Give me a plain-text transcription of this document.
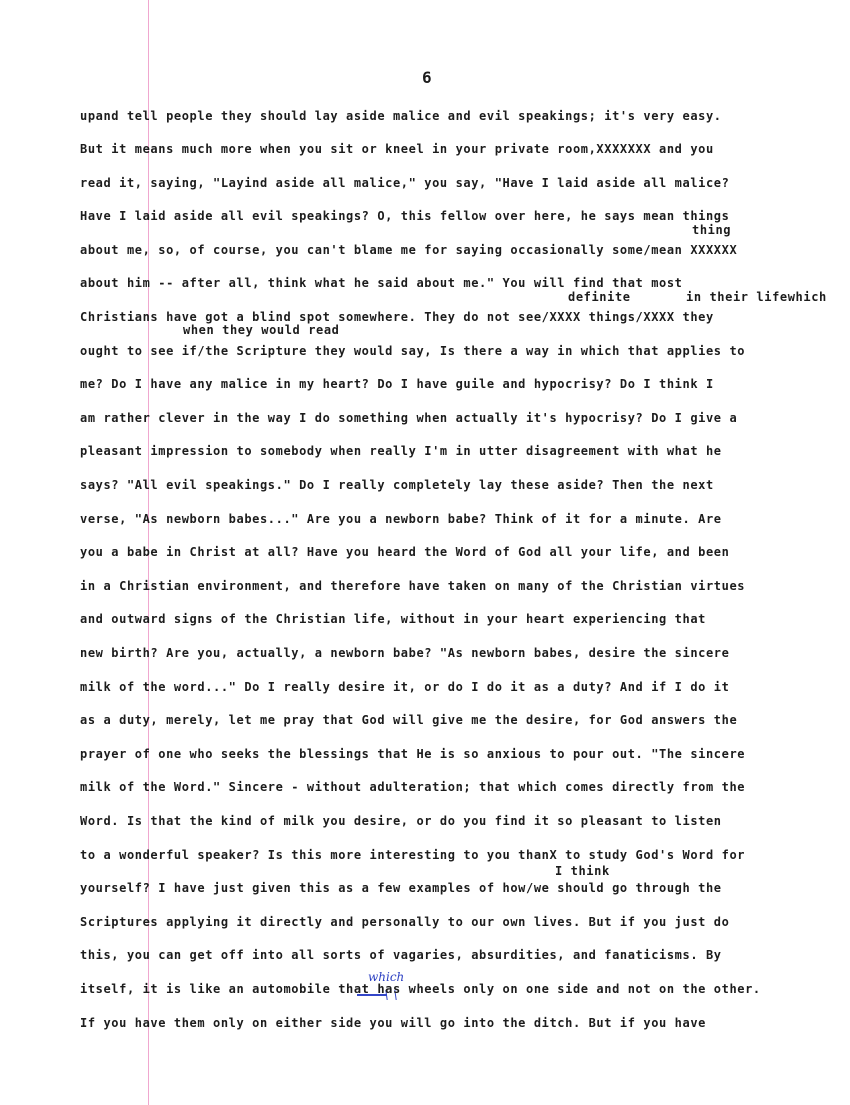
6
thing
definite	in their lifewhich
when they would read
I think
which
upand tell people they should lay aside malice and evil speakings; it's very easy.
But it means much more when you sit or kneel in your private room,XXXXXXX and you
read it, saying, "Layind aside all malice," you say, "Have I laid aside all malice?
Have I laid aside all evil speakings? O, this fellow over here, he says mean things
about me, so, of course, you can't blame me for saying occasionally some/mean XXXXXX
about him -- after all, think what he said about me." You will find that most
Christians have got a blind spot somewhere. They do not see/XXXX things/XXXX they
ought to see if/the Scripture they would say, Is there a way in which that applies to
me? Do I have any malice in my heart? Do I have guile and hypocrisy? Do I think I
am rather clever in the way I do something when actually it's hypocrisy? Do I give a
pleasant impression to somebody when really I'm in utter disagreement with what he
says? "All evil speakings." Do I really completely lay these aside? Then the next
verse, "As newborn babes..." Are you a newborn babe? Think of it for a minute. Are
you a babe in Christ at all? Have you heard the Word of God all your life, and been
in a Christian environment, and therefore have taken on many of the Christian virtues
and outward signs of the Christian life, without in your heart experiencing that
new birth? Are you, actually, a newborn babe? "As newborn babes, desire the sincere
milk of the word..." Do I really desire it, or do I do it as a duty? And if I do it
as a duty, merely, let me pray that God will give me the desire, for God answers the
prayer of one who seeks the blessings that He is so anxious to pour out. "The sincere
milk of the Word." Sincere - without adulteration; that which comes directly from the
Word. Is that the kind of milk you desire, or do you find it so pleasant to listen
to a wonderful speaker? Is this more interesting to you thanX to study God's Word for
yourself? I have just given this as a few examples of how/we should go through the
Scriptures applying it directly and personally to our own lives. But if you just do
this, you can get off into all sorts of vagaries, absurdities, and fanaticisms. By
itself, it is like an automobile that has wheels only on one side and not on the other.
If you have them only on either side you will go into the ditch. But if you have
